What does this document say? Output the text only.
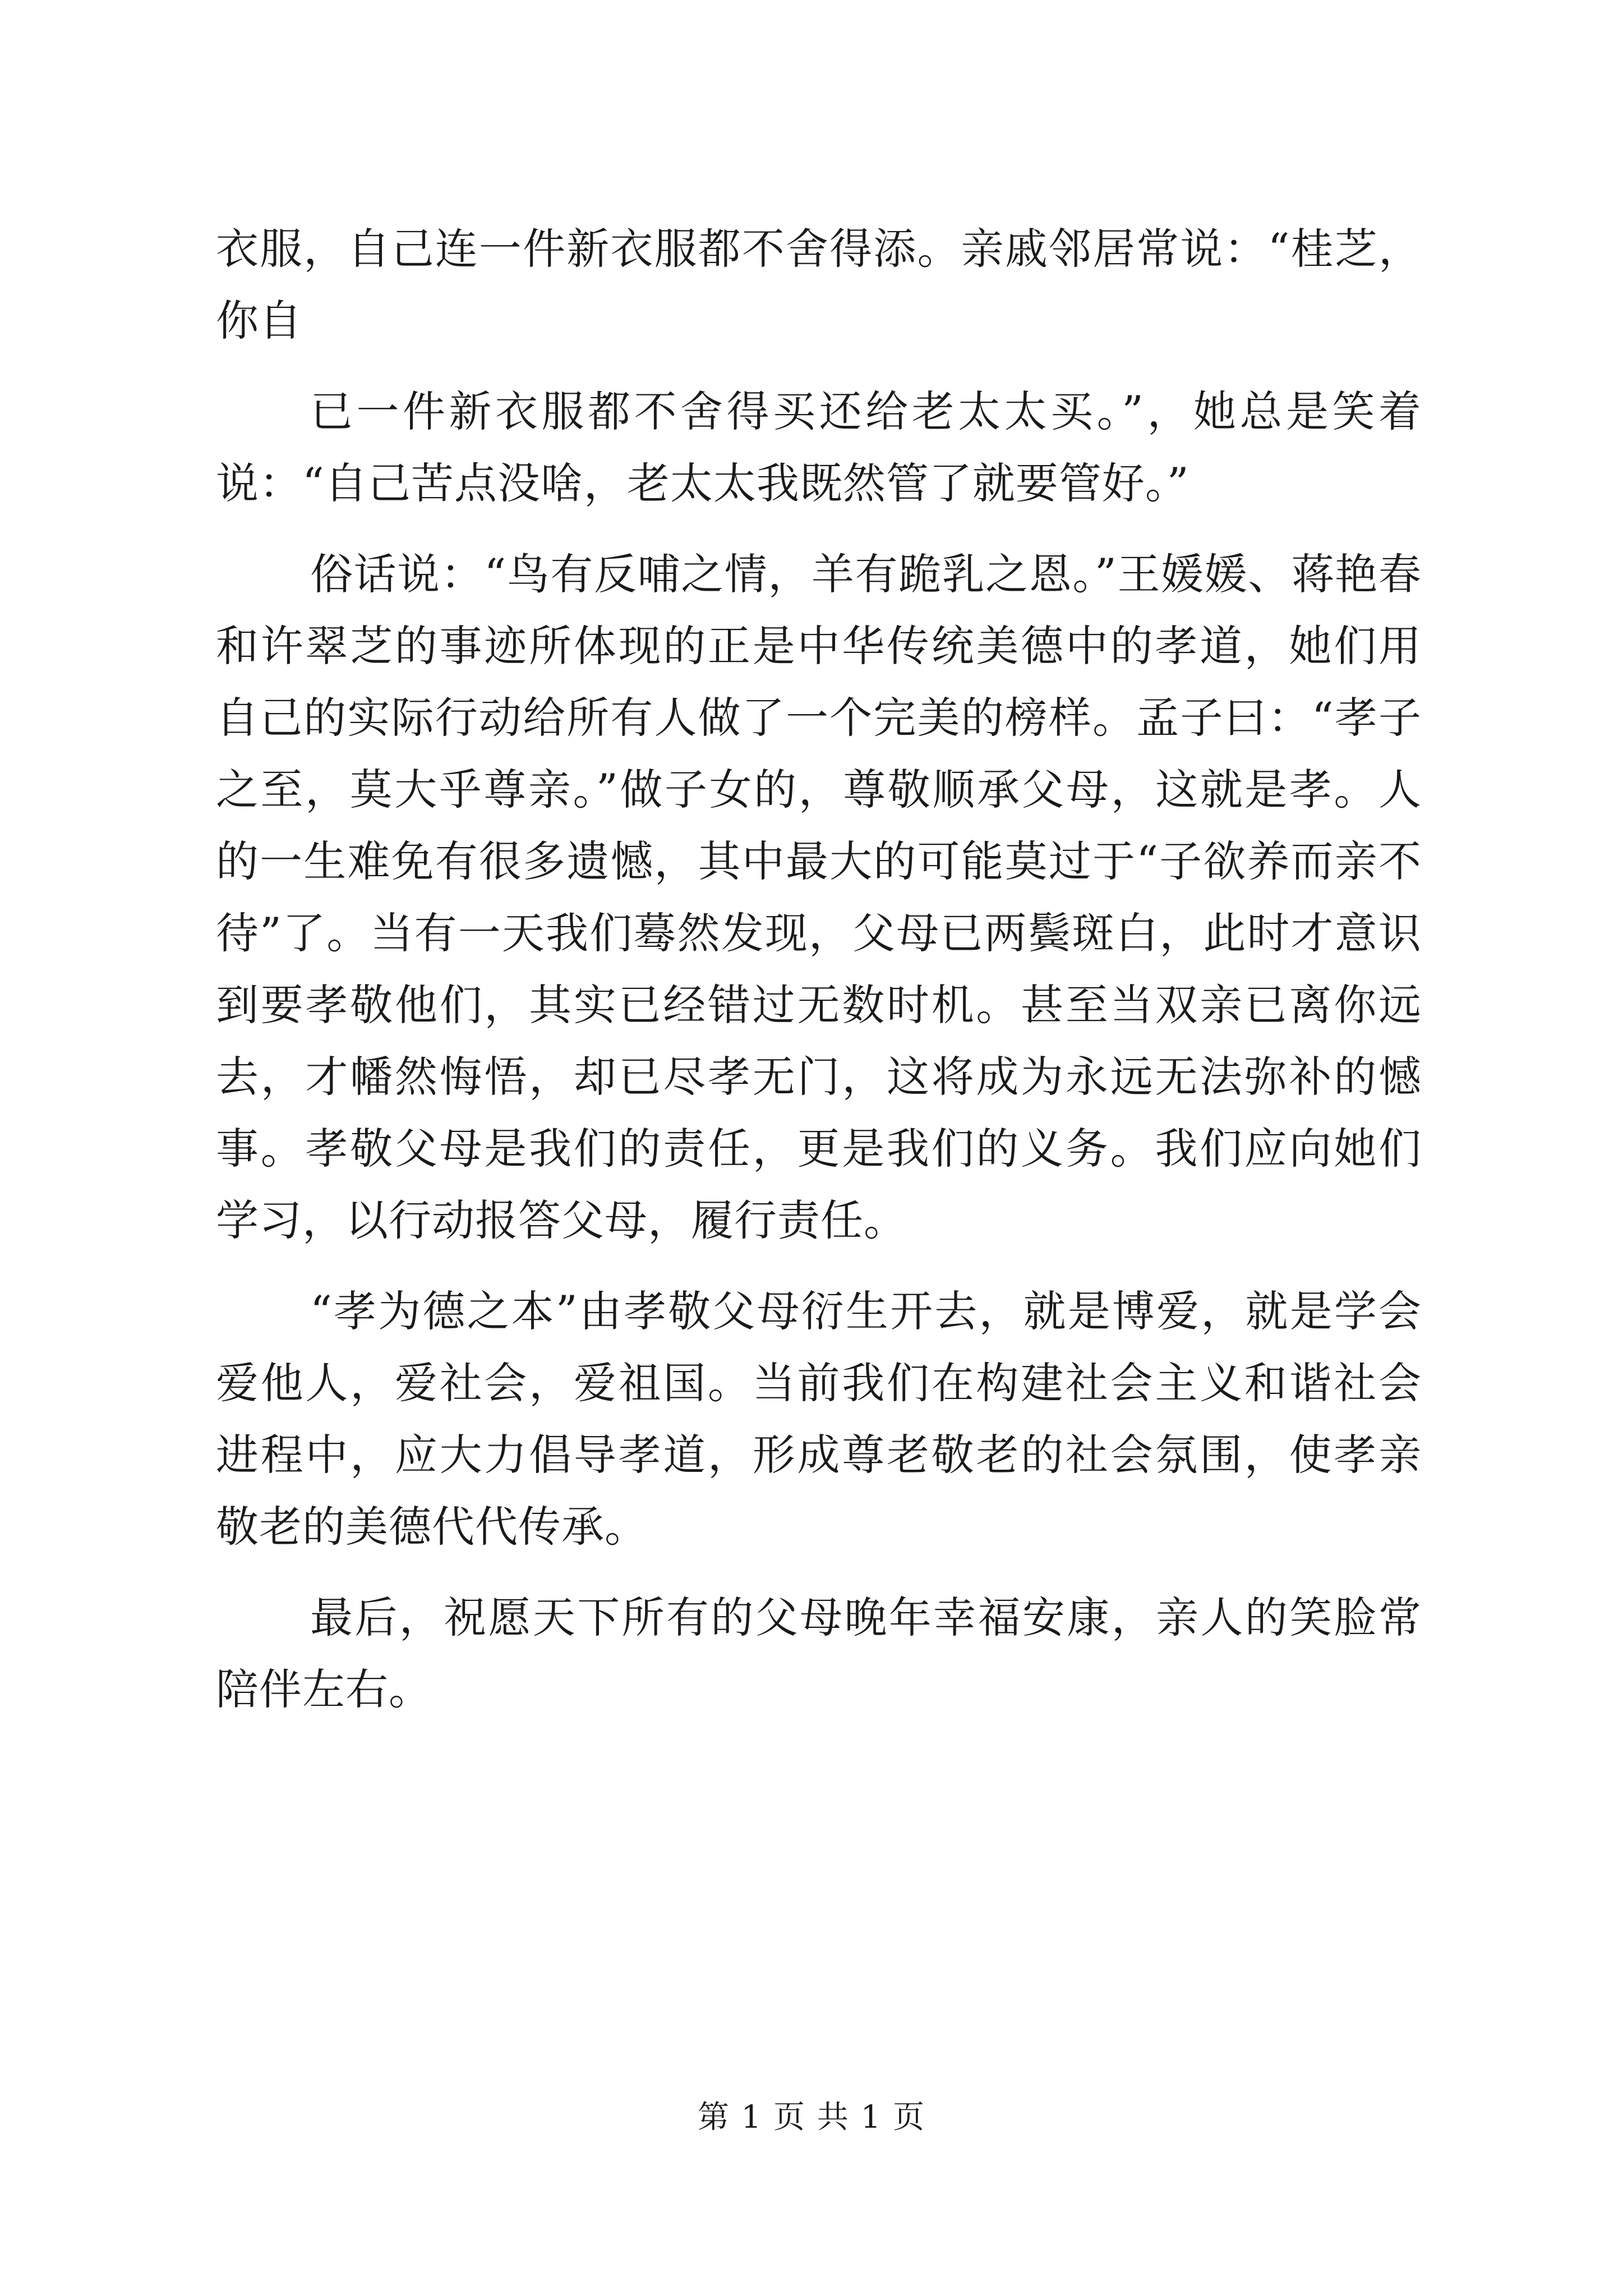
衣服，自己连一件新衣服都不舍得添。亲戚邻居常说：“桂芝，你自

已一件新衣服都不舍得买还给老太太买。”，她总是笑着说：“自己苦点没啥，老太太我既然管了就要管好。”

俗话说：“鸟有反哺之情，羊有跪乳之恩。”王媛媛、蒋艳春和许翠芝的事迹所体现的正是中华传统美德中的孝道，她们用自己的实际行动给所有人做了一个完美的榜样。孟子曰：“孝子之至，莫大乎尊亲。”做子女的，尊敬顺承父母，这就是孝。人的一生难免有很多遗憾，其中最大的可能莫过于“子欲养而亲不待”了。当有一天我们蓦然发现，父母已两鬓斑白，此时才意识到要孝敬他们，其实已经错过无数时机。甚至当双亲已离你远去，才幡然悔悟，却已尽孝无门，这将成为永远无法弥补的憾事。孝敬父母是我们的责任，更是我们的义务。我们应向她们学习，以行动报答父母，履行责任。

“孝为德之本”由孝敬父母衍生开去，就是博爱，就是学会爱他人，爱社会，爱祖国。当前我们在构建社会主义和谐社会进程中，应大力倡导孝道，形成尊老敬老的社会氛围，使孝亲敬老的美德代代传承。

最后，祝愿天下所有的父母晚年幸福安康，亲人的笑脸常陪伴左右。

第 1 页 共 1 页
